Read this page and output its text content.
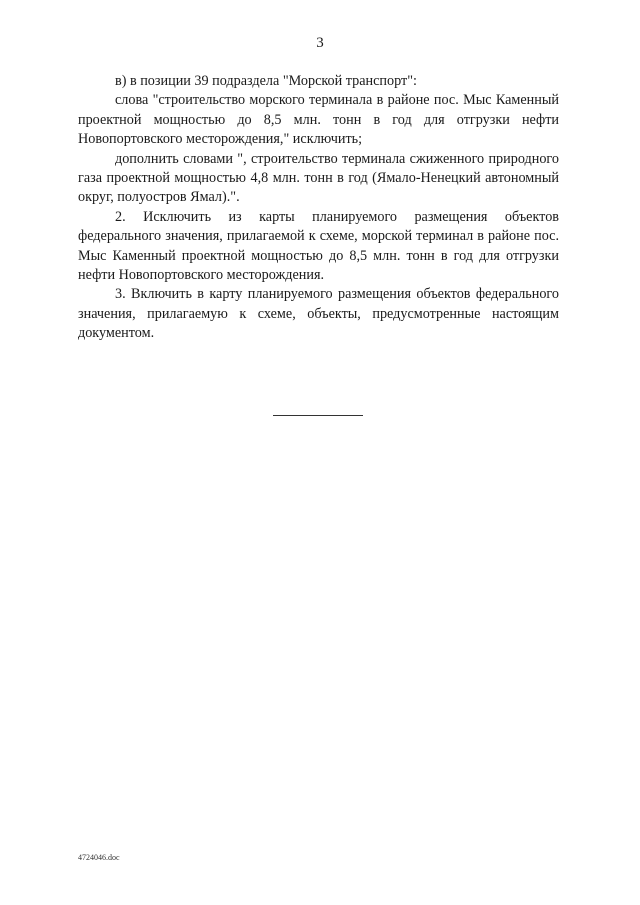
3

в) в позиции 39 подраздела "Морской транспорт":

слова "строительство морского терминала в районе пос. Мыс Каменный проектной мощностью до 8,5 млн. тонн в год для отгрузки нефти Новопортовского месторождения," исключить;

дополнить словами ", строительство терминала сжиженного природного газа проектной мощностью 4,8 млн. тонн в год (Ямало-Ненецкий автономный округ, полуостров Ямал).".

2. Исключить из карты планируемого размещения объектов федерального значения, прилагаемой к схеме, морской терминал в районе пос. Мыс Каменный проектной мощностью до 8,5 млн. тонн в год для отгрузки нефти Новопортовского месторождения.

3. Включить в карту планируемого размещения объектов федерального значения, прилагаемую к схеме, объекты, предусмотренные настоящим документом.

4724046.doc
